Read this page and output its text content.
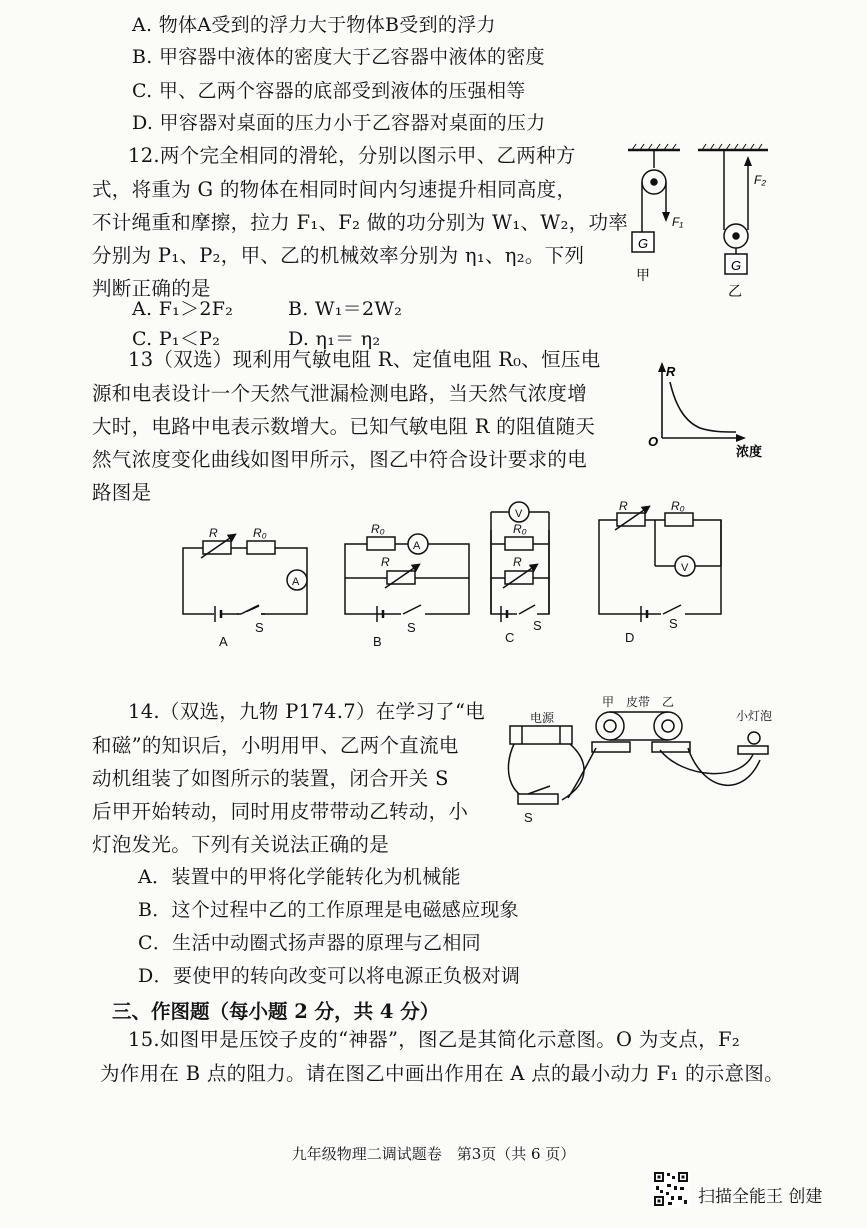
A. 物体A受到的浮力大于物体B受到的浮力
B. 甲容器中液体的密度大于乙容器中液体的密度
C. 甲、乙两个容器的底部受到液体的压强相等
D. 甲容器对桌面的压力小于乙容器对桌面的压力
12.两个完全相同的滑轮，分别以图示甲、乙两种方
式，将重为 G 的物体在相同时间内匀速提升相同高度，
不计绳重和摩擦，拉力 F₁、F₂ 做的功分别为 W₁、W₂，功率
分别为 P₁、P₂，甲、乙的机械效率分别为 η₁、η₂。下列
判断正确的是
A. F₁＞2F₂	B. W₁＝2W₂
C. P₁＜P₂	D. η₁＝ η₂
G
G
F₁
F₂
甲
乙
13（双选）现利用气敏电阻 R、定值电阻 R₀、恒压电
源和电表设计一个天然气泄漏检测电路，当天然气浓度增
大时，电路中电表示数增大。已知气敏电阻 R 的阻值随天
然气浓度变化曲线如图甲所示，图乙中符合设计要求的电
路图是
R
O
浓度
R	R₀
A
S
A
R₀
A
R
S
B
V
R₀
R
S
C
R	R₀
V
S
D
14.（双选，九物 P174.7）在学习了“电
和磁”的知识后，小明用甲、乙两个直流电
动机组装了如图所示的装置，闭合开关 S
后甲开始转动，同时用皮带带动乙转动，小
灯泡发光。下列有关说法正确的是
A．装置中的甲将化学能转化为机械能
B．这个过程中乙的工作原理是电磁感应现象
C．生活中动圈式扬声器的原理与乙相同
D．要使甲的转向改变可以将电源正负极对调
电源
甲 皮带 乙
小灯泡
S
三、作图题（每小题 2 分，共 4 分）
15.如图甲是压饺子皮的“神器”，图乙是其简化示意图。O 为支点，F₂
为作用在 B 点的阻力。请在图乙中画出作用在 A 点的最小动力 F₁ 的示意图。
九年级物理二调试题卷　第3页（共 6 页）
扫描全能王 创建
